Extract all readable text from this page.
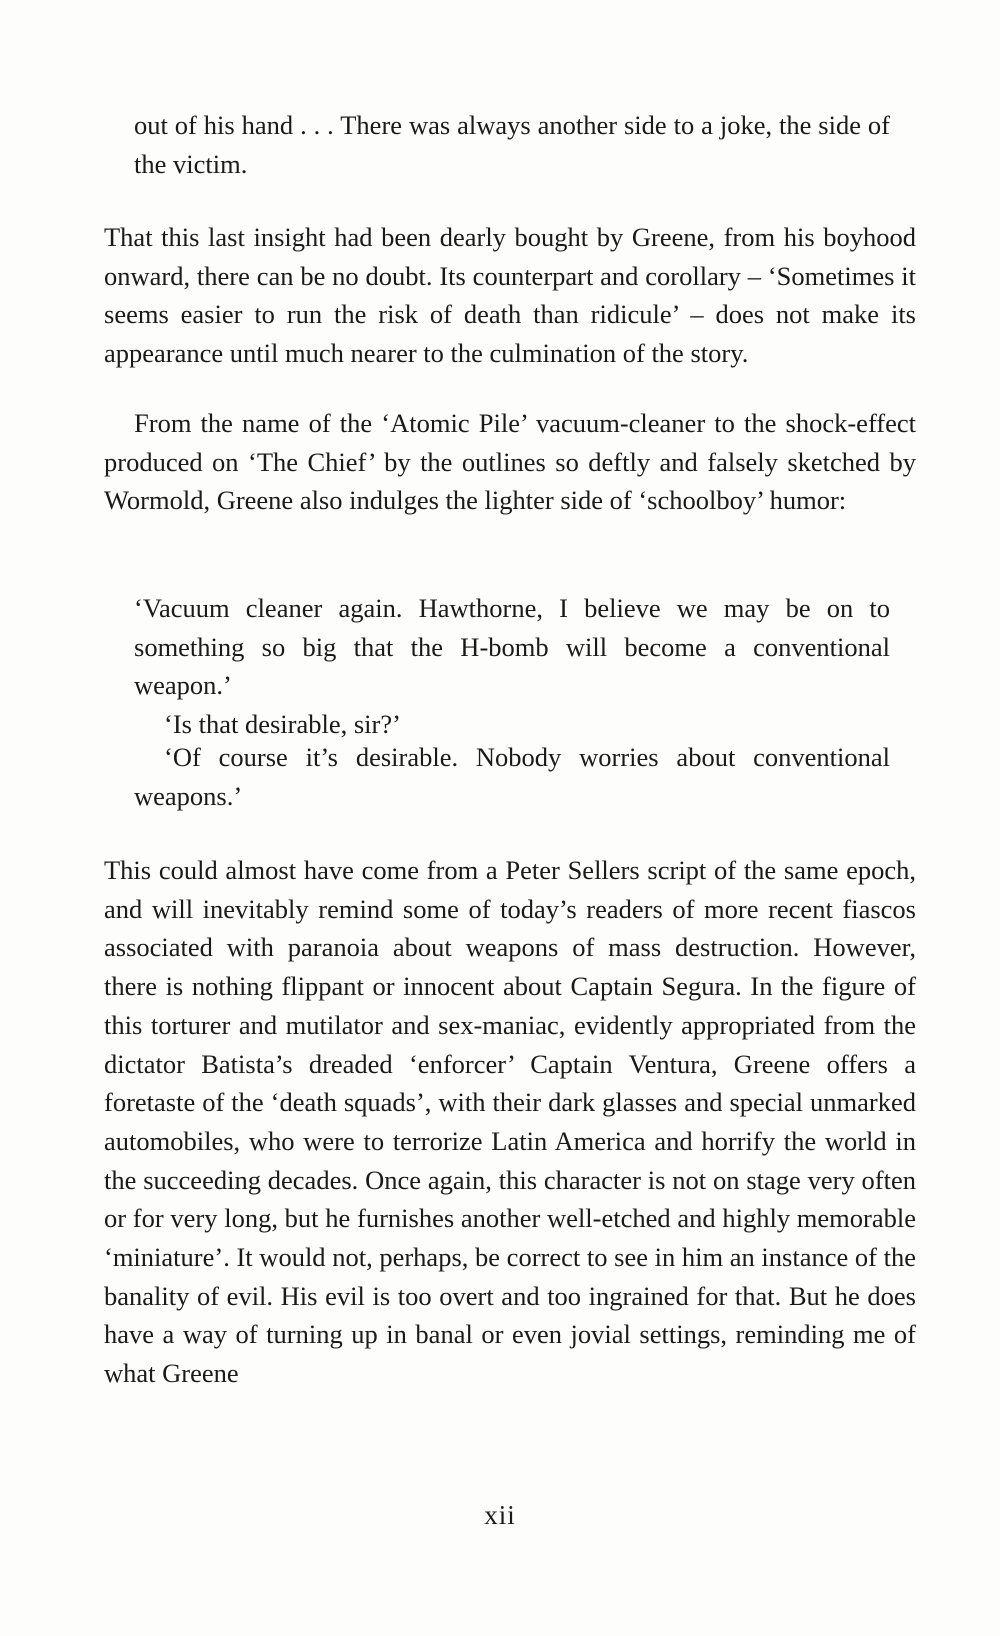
out of his hand . . . There was always another side to a joke, the side of the victim.

That this last insight had been dearly bought by Greene, from his boyhood onward, there can be no doubt. Its counterpart and corollary – ‘Sometimes it seems easier to run the risk of death than ridicule’ – does not make its appearance until much nearer to the culmination of the story.

From the name of the ‘Atomic Pile’ vacuum-cleaner to the shock-effect produced on ‘The Chief’ by the outlines so deftly and falsely sketched by Wormold, Greene also indulges the lighter side of ‘schoolboy’ humor:

‘Vacuum cleaner again. Hawthorne, I believe we may be on to something so big that the H-bomb will become a conventional weapon.’

‘Is that desirable, sir?’

‘Of course it’s desirable. Nobody worries about conventional weapons.’

This could almost have come from a Peter Sellers script of the same epoch, and will inevitably remind some of today’s readers of more recent fiascos associated with paranoia about weapons of mass destruction. However, there is nothing flippant or innocent about Captain Segura. In the figure of this torturer and mutilator and sex-maniac, evidently appropriated from the dictator Batista’s dreaded ‘enforcer’ Captain Ventura, Greene offers a foretaste of the ‘death squads’, with their dark glasses and special unmarked automobiles, who were to terrorize Latin America and horrify the world in the succeeding decades. Once again, this character is not on stage very often or for very long, but he furnishes another well-etched and highly memorable ‘miniature’. It would not, perhaps, be correct to see in him an instance of the banality of evil. His evil is too overt and too ingrained for that. But he does have a way of turning up in banal or even jovial settings, reminding me of what Greene

xii
